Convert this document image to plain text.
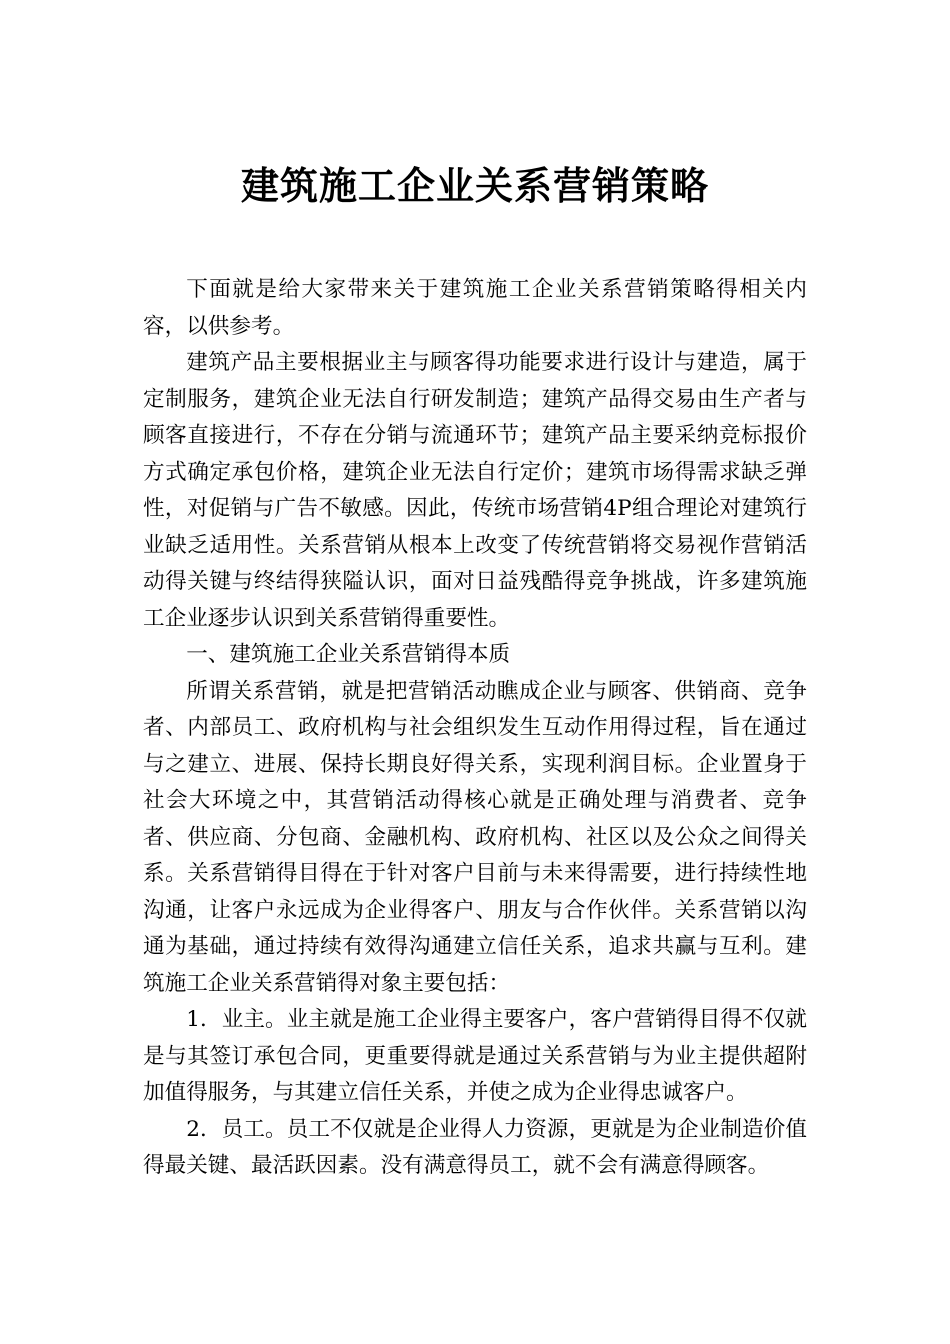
建筑施工企业关系营销策略

下面就是给大家带来关于建筑施工企业关系营销策略得相关内容，以供参考。

建筑产品主要根据业主与顾客得功能要求进行设计与建造，属于定制服务，建筑企业无法自行研发制造；建筑产品得交易由生产者与顾客直接进行，不存在分销与流通环节；建筑产品主要采纳竞标报价方式确定承包价格，建筑企业无法自行定价；建筑市场得需求缺乏弹性，对促销与广告不敏感。因此，传统市场营销4P组合理论对建筑行业缺乏适用性。关系营销从根本上改变了传统营销将交易视作营销活动得关键与终结得狭隘认识，面对日益残酷得竞争挑战，许多建筑施工企业逐步认识到关系营销得重要性。

一、建筑施工企业关系营销得本质

所谓关系营销，就是把营销活动瞧成企业与顾客、供销商、竞争者、内部员工、政府机构与社会组织发生互动作用得过程，旨在通过与之建立、进展、保持长期良好得关系，实现利润目标。企业置身于社会大环境之中，其营销活动得核心就是正确处理与消费者、竞争者、供应商、分包商、金融机构、政府机构、社区以及公众之间得关系。关系营销得目得在于针对客户目前与未来得需要，进行持续性地沟通，让客户永远成为企业得客户、朋友与合作伙伴。关系营销以沟通为基础，通过持续有效得沟通建立信任关系，追求共赢与互利。建筑施工企业关系营销得对象主要包括：

1．业主。业主就是施工企业得主要客户，客户营销得目得不仅就是与其签订承包合同，更重要得就是通过关系营销与为业主提供超附加值得服务，与其建立信任关系，并使之成为企业得忠诚客户。

2．员工。员工不仅就是企业得人力资源，更就是为企业制造价值得最关键、最活跃因素。没有满意得员工，就不会有满意得顾客。
